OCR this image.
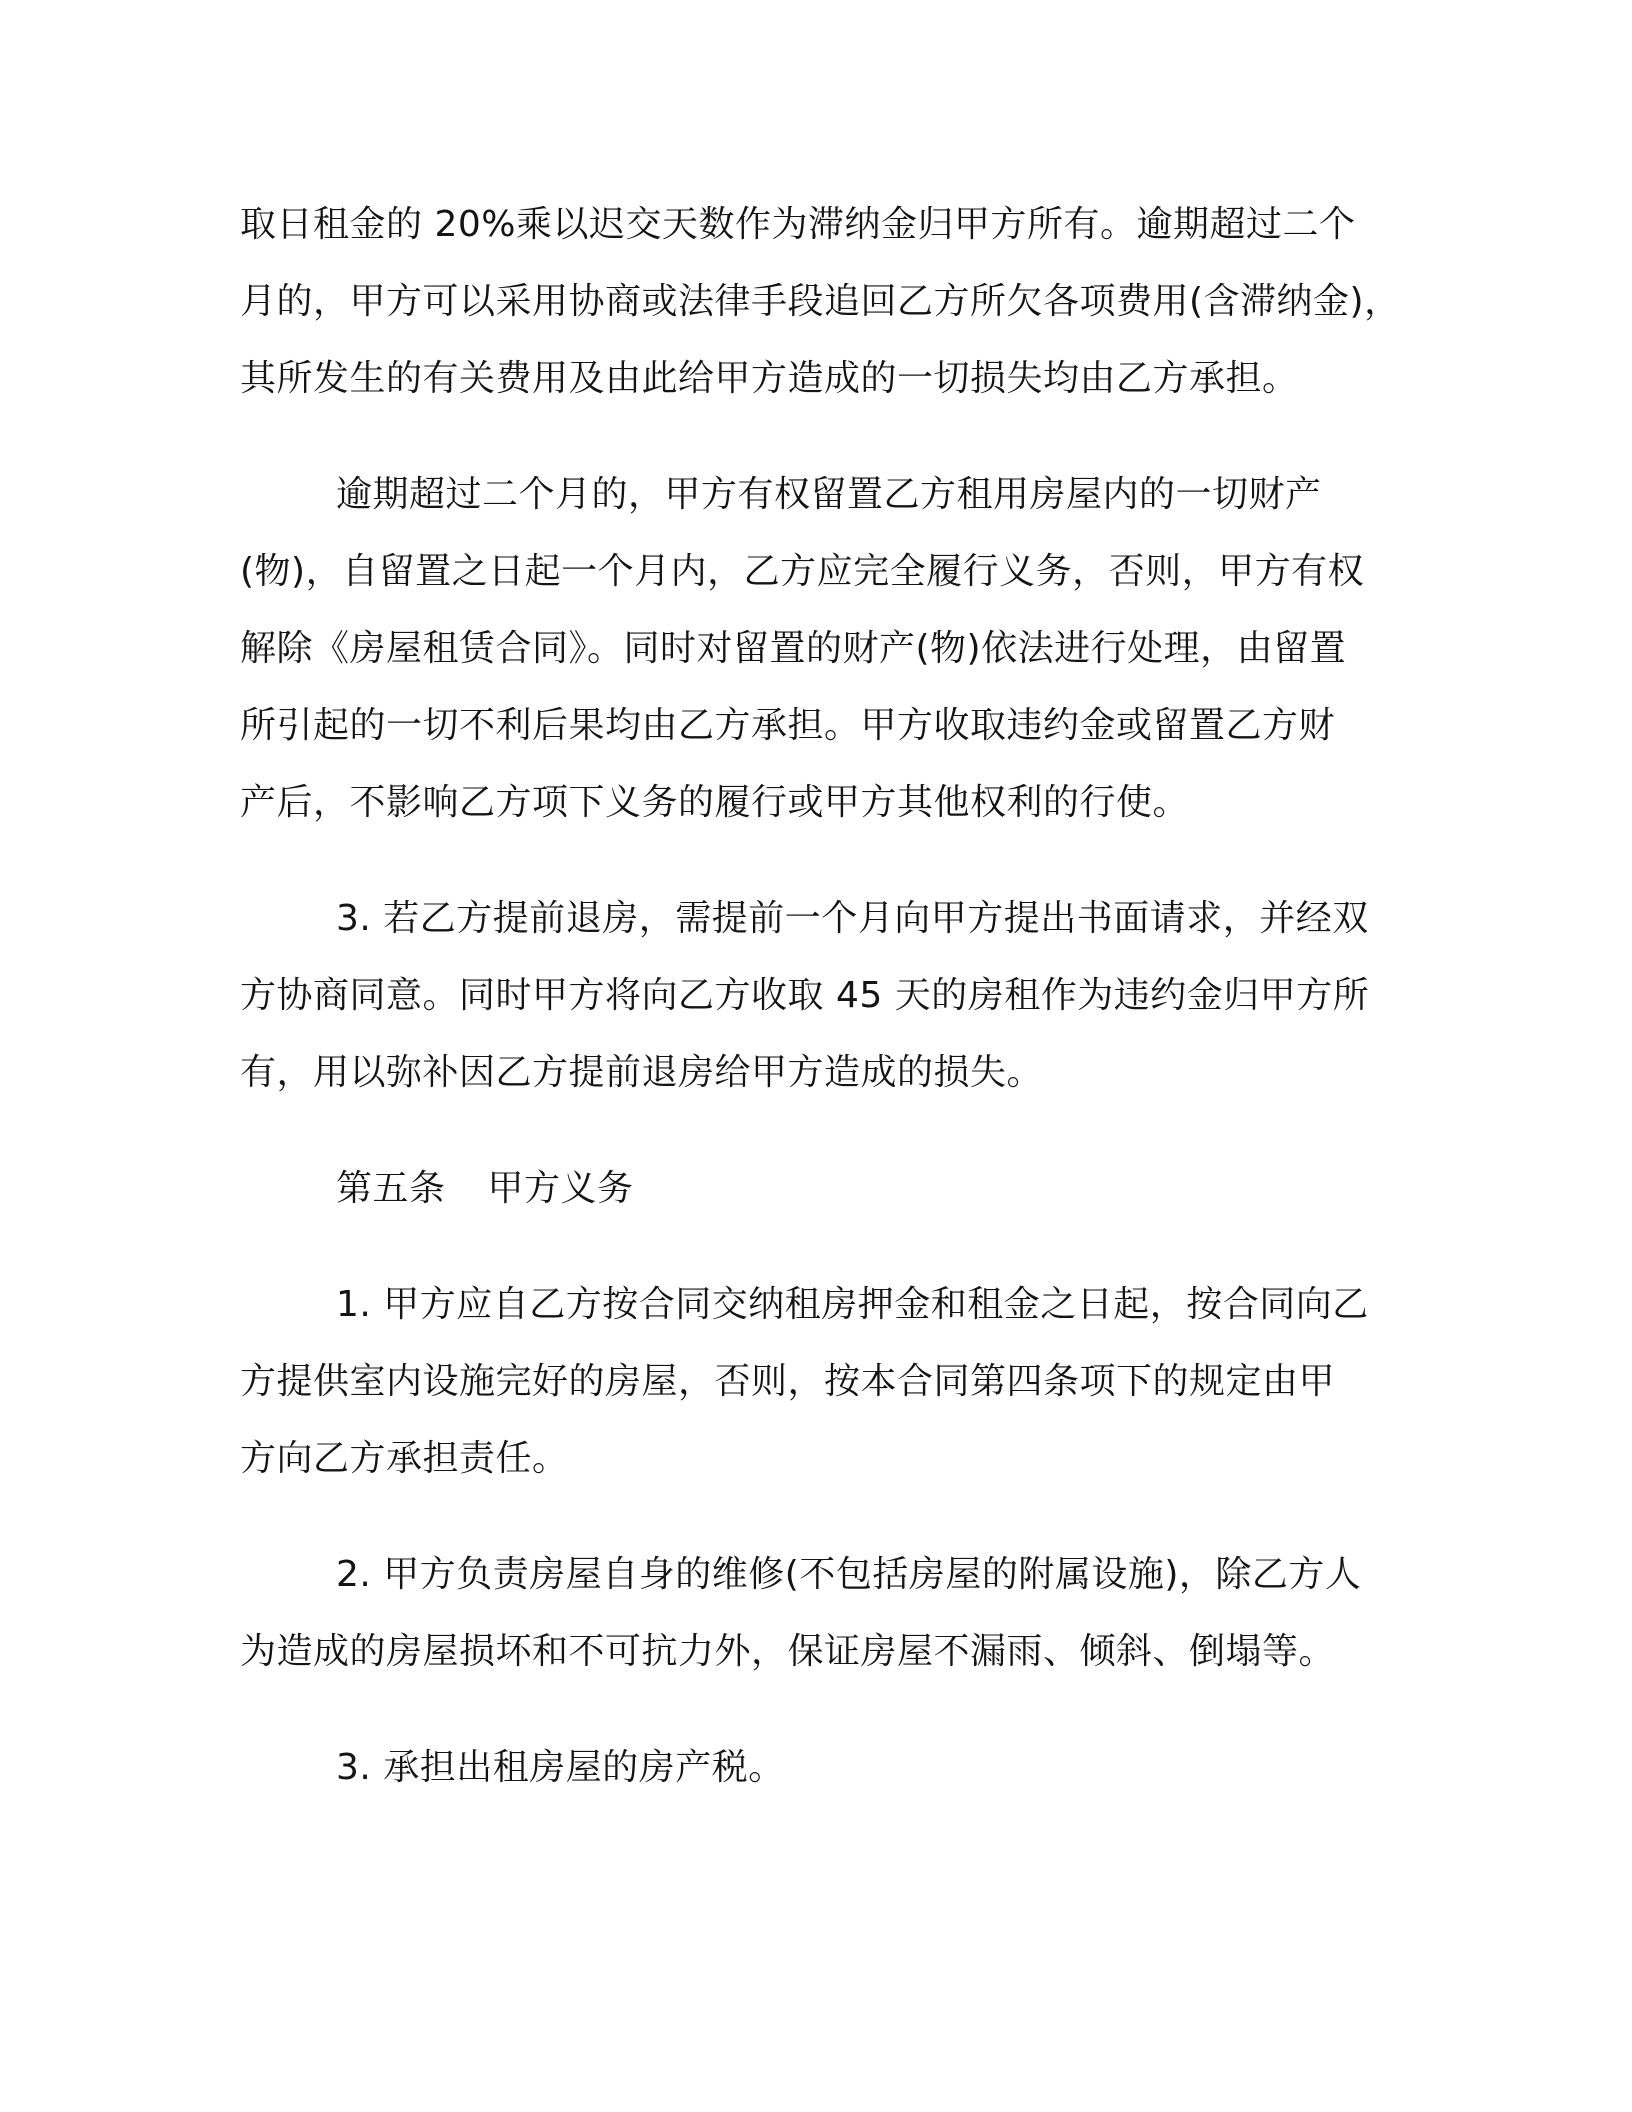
取日租金的 20%乘以迟交天数作为滞纳金归甲方所有。逾期超过二个
月的，甲方可以采用协商或法律手段追回乙方所欠各项费用(含滞纳金)，
其所发生的有关费用及由此给甲方造成的一切损失均由乙方承担。
逾期超过二个月的，甲方有权留置乙方租用房屋内的一切财产
(物)，自留置之日起一个月内，乙方应完全履行义务，否则，甲方有权
解除《房屋租赁合同》。同时对留置的财产(物)依法进行处理，由留置
所引起的一切不利后果均由乙方承担。甲方收取违约金或留置乙方财
产后，不影响乙方项下义务的履行或甲方其他权利的行使。
3. 若乙方提前退房，需提前一个月向甲方提出书面请求，并经双
方协商同意。同时甲方将向乙方收取 45 天的房租作为违约金归甲方所
有，用以弥补因乙方提前退房给甲方造成的损失。
第五条 甲方义务
1. 甲方应自乙方按合同交纳租房押金和租金之日起，按合同向乙
方提供室内设施完好的房屋，否则，按本合同第四条项下的规定由甲
方向乙方承担责任。
2. 甲方负责房屋自身的维修(不包括房屋的附属设施)，除乙方人
为造成的房屋损坏和不可抗力外，保证房屋不漏雨、倾斜、倒塌等。
3. 承担出租房屋的房产税。
